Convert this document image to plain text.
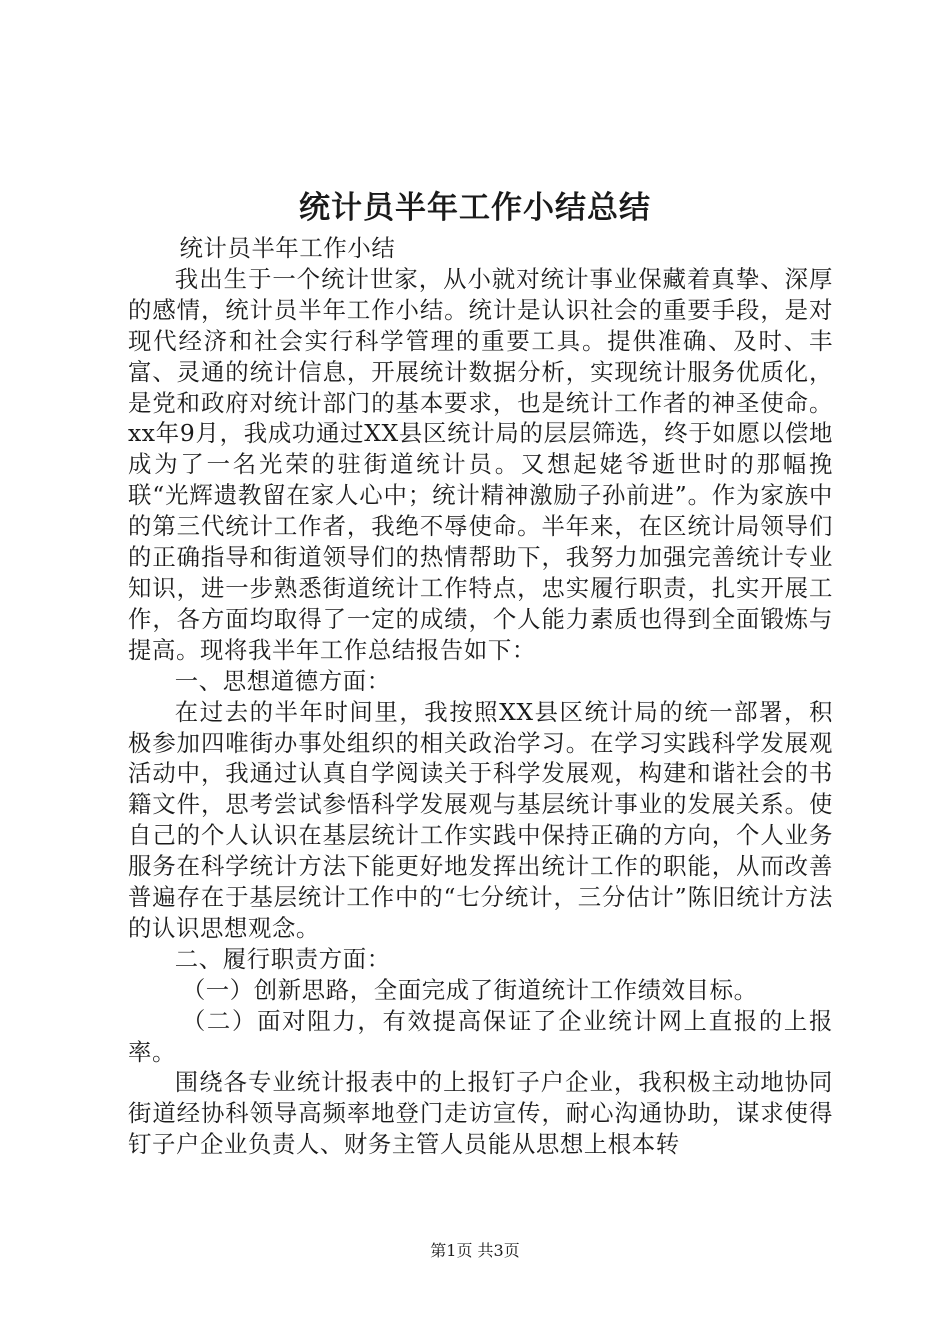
统计员半年工作小结总结

统计员半年工作小结

我出生于一个统计世家，从小就对统计事业保藏着真挚、深厚的感情，统计员半年工作小结。统计是认识社会的重要手段，是对现代经济和社会实行科学管理的重要工具。提供准确、及时、丰富、灵通的统计信息，开展统计数据分析，实现统计服务优质化，是党和政府对统计部门的基本要求，也是统计工作者的神圣使命。xx年9月，我成功通过XX县区统计局的层层筛选，终于如愿以偿地成为了一名光荣的驻街道统计员。又想起姥爷逝世时的那幅挽联“光辉遗教留在家人心中；统计精神激励子孙前进”。作为家族中的第三代统计工作者，我绝不辱使命。半年来，在区统计局领导们的正确指导和街道领导们的热情帮助下，我努力加强完善统计专业知识，进一步熟悉街道统计工作特点，忠实履行职责，扎实开展工作，各方面均取得了一定的成绩，个人能力素质也得到全面锻炼与提高。现将我半年工作总结报告如下：

一、思想道德方面：

在过去的半年时间里，我按照XX县区统计局的统一部署，积极参加四唯街办事处组织的相关政治学习。在学习实践科学发展观活动中，我通过认真自学阅读关于科学发展观，构建和谐社会的书籍文件，思考尝试参悟科学发展观与基层统计事业的发展关系。使自己的个人认识在基层统计工作实践中保持正确的方向，个人业务服务在科学统计方法下能更好地发挥出统计工作的职能，从而改善普遍存在于基层统计工作中的“七分统计，三分估计”陈旧统计方法的认识思想观念。

二、履行职责方面：

（一）创新思路，全面完成了街道统计工作绩效目标。

（二）面对阻力，有效提高保证了企业统计网上直报的上报率。

围绕各专业统计报表中的上报钉子户企业，我积极主动地协同街道经协科领导高频率地登门走访宣传，耐心沟通协助，谋求使得钉子户企业负责人、财务主管人员能从思想上根本转

第1页 共3页
